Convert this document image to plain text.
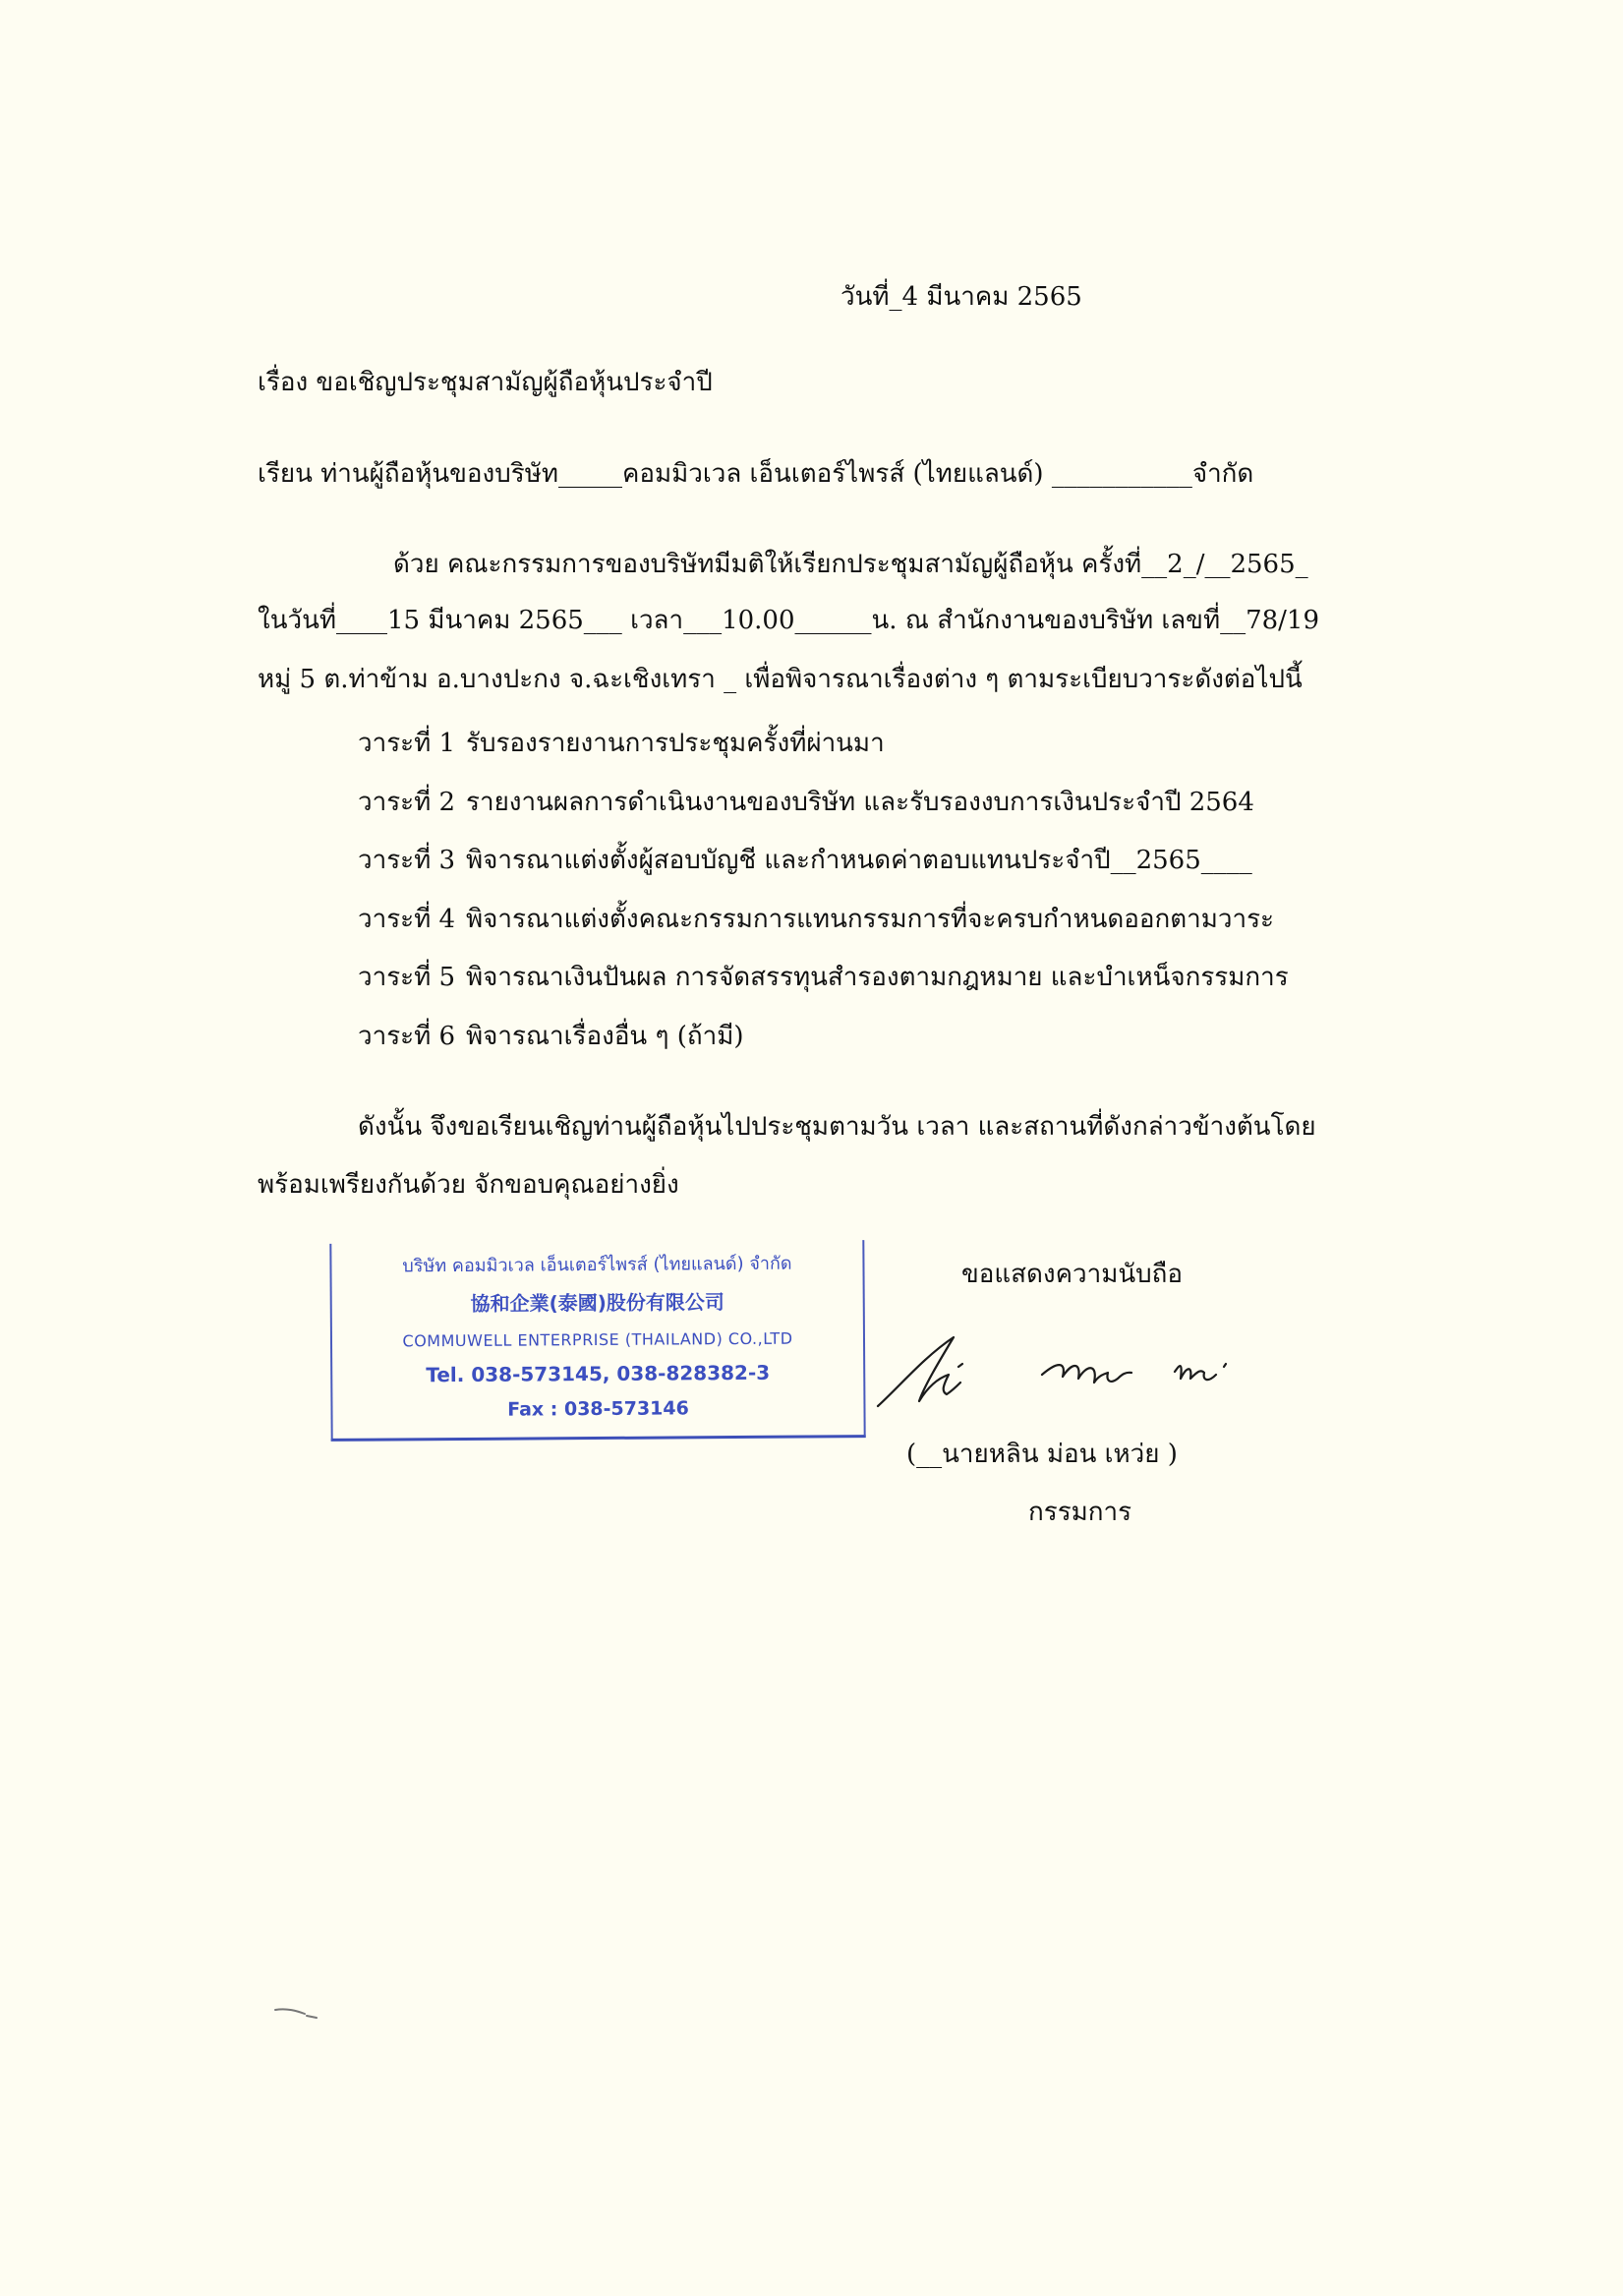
วันที่_4 มีนาคม 2565
เรื่อง ขอเชิญประชุมสามัญผู้ถือหุ้นประจำปี
เรียน ท่านผู้ถือหุ้นของบริษัท_____คอมมิวเวล เอ็นเตอร์ไพรส์ (ไทยแลนด์) ___________จำกัด
ด้วย คณะกรรมการของบริษัทมีมติให้เรียกประชุมสามัญผู้ถือหุ้น ครั้งที่__2_/__2565_
ในวันที่____15 มีนาคม 2565___ เวลา___10.00______น. ณ สำนักงานของบริษัท เลขที่__78/19
หมู่ 5 ต.ท่าข้าม อ.บางปะกง จ.ฉะเชิงเทรา _ เพื่อพิจารณาเรื่องต่าง ๆ ตามระเบียบวาระดังต่อไปนี้
วาระที่ 1 รับรองรายงานการประชุมครั้งที่ผ่านมา
วาระที่ 2 รายงานผลการดำเนินงานของบริษัท และรับรองงบการเงินประจำปี 2564
วาระที่ 3 พิจารณาแต่งตั้งผู้สอบบัญชี และกำหนดค่าตอบแทนประจำปี__2565____
วาระที่ 4 พิจารณาแต่งตั้งคณะกรรมการแทนกรรมการที่จะครบกำหนดออกตามวาระ
วาระที่ 5 พิจารณาเงินปันผล การจัดสรรทุนสำรองตามกฎหมาย และบำเหน็จกรรมการ
วาระที่ 6 พิจารณาเรื่องอื่น ๆ (ถ้ามี)
ดังนั้น จึงขอเรียนเชิญท่านผู้ถือหุ้นไปประชุมตามวัน เวลา และสถานที่ดังกล่าวข้างต้นโดย
พร้อมเพรียงกันด้วย จักขอบคุณอย่างยิ่ง
บริษัท คอมมิวเวล เอ็นเตอร์ไพรส์ (ไทยแลนด์) จำกัด
協和企業(泰國)股份有限公司
COMMUWELL ENTERPRISE (THAILAND) CO.,LTD
Tel. 038-573145, 038-828382-3
Fax : 038-573146
ขอแสดงความนับถือ
(__นายหลิน ม่อน เหว่ย )
กรรมการ
